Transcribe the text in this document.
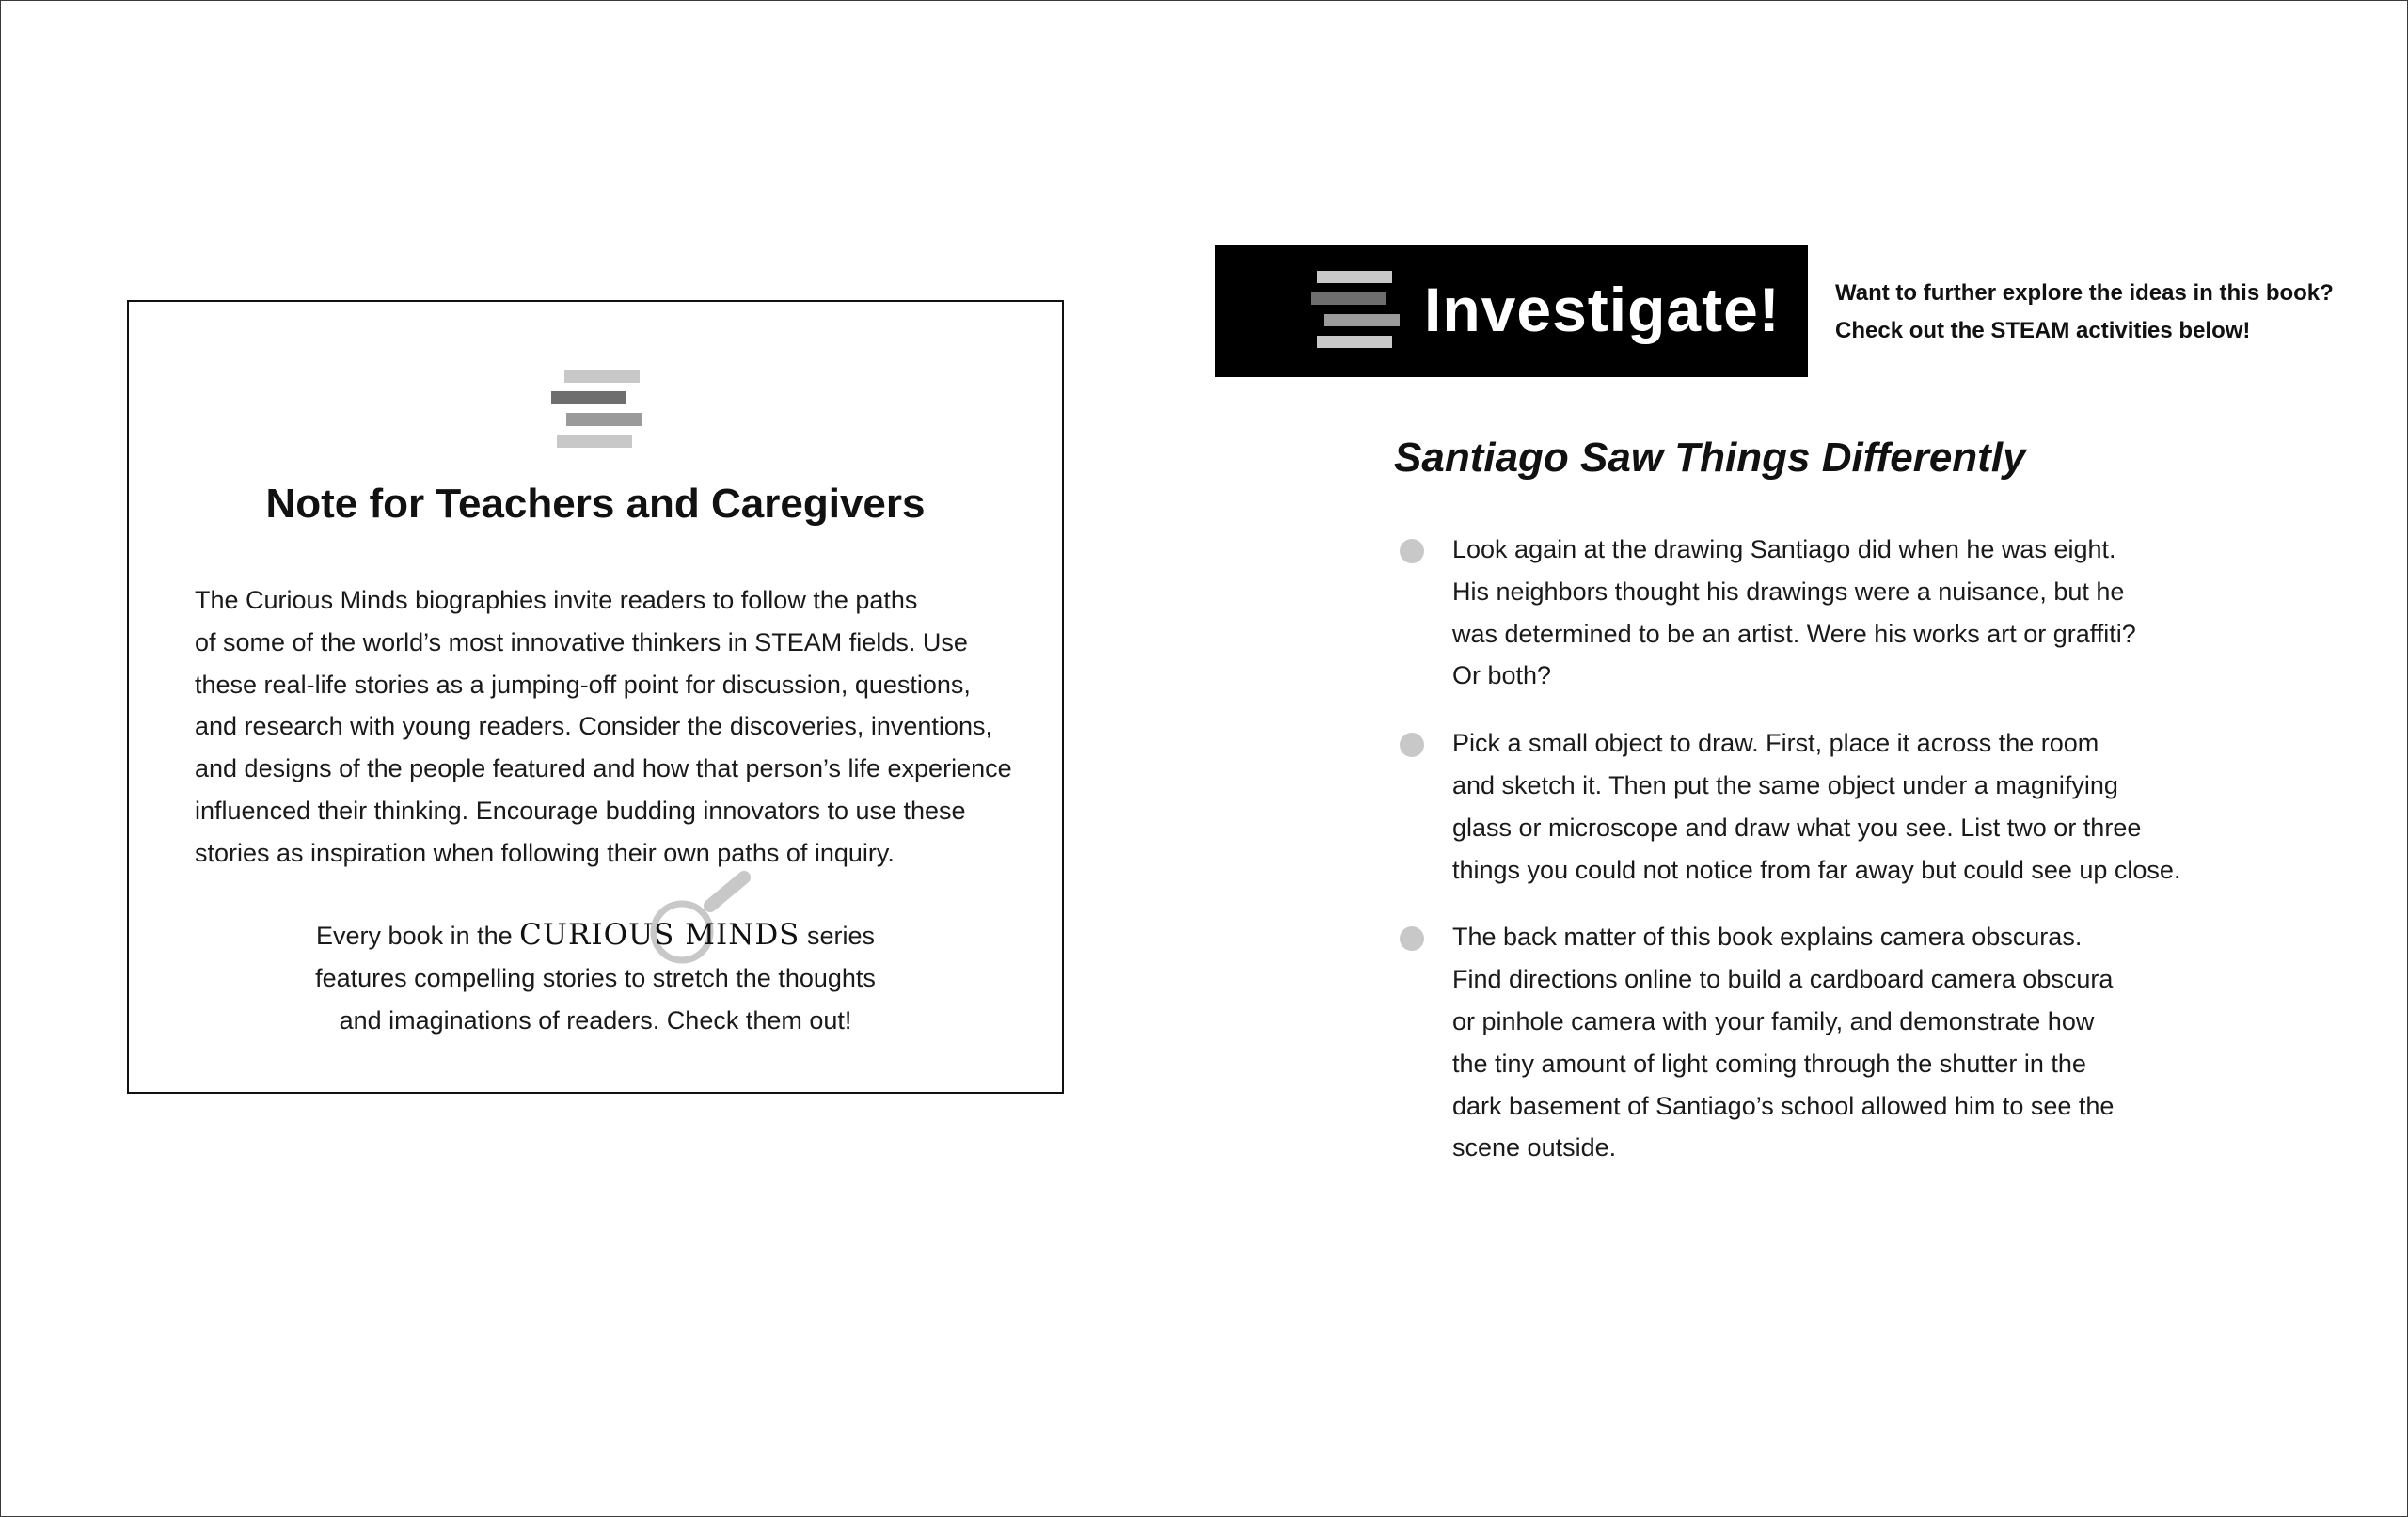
Note for Teachers and Caregivers
The Curious Minds biographies invite readers to follow the paths
of some of the world’s most innovative thinkers in STEAM fields. Use
these real-life stories as a jumping-off point for discussion, questions,
and research with young readers. Consider the discoveries, inventions,
and designs of the people featured and how that person’s life experience
influenced their thinking. Encourage budding innovators to use these
stories as inspiration when following their own paths of inquiry.
Every book in the CURIOUS MINDS series
features compelling stories to stretch the thoughts
and imaginations of readers. Check them out!
Investigate! Want to further explore the ideas in this book?
Check out the STEAM activities below!
Santiago Saw Things Differently
Look again at the drawing Santiago did when he was eight.
His neighbors thought his drawings were a nuisance, but he
was determined to be an artist. Were his works art or graffiti?
Or both?
Pick a small object to draw. First, place it across the room
and sketch it. Then put the same object under a magnifying
glass or microscope and draw what you see. List two or three
things you could not notice from far away but could see up close.
The back matter of this book explains camera obscuras.
Find directions online to build a cardboard camera obscura
or pinhole camera with your family, and demonstrate how
the tiny amount of light coming through the shutter in the
dark basement of Santiago’s school allowed him to see the
scene outside.
